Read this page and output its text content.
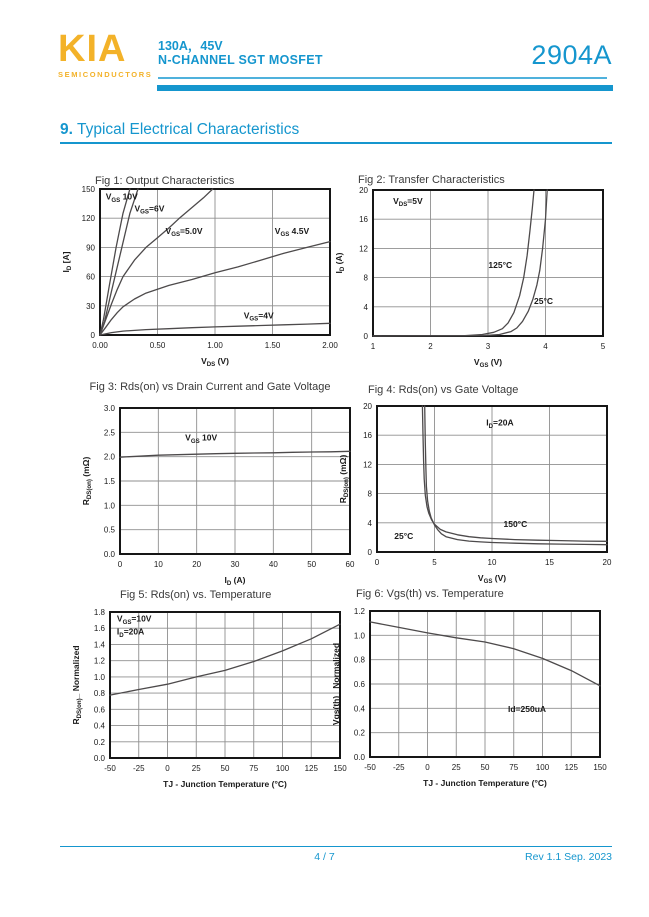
KIA
SEMICONDUCTORS
130A，45V
N-CHANNEL SGT MOSFET	2904A
9. Typical Electrical Characteristics
Fig 1: Output Characteristics
0.00	0.50	1.00	1.50	2.00
0
30
60
90
120
150
$V_{GS}$ 10V
$V_{GS}=6V$
$V_{GS}=5.0V$	$V_{GS}$ 4.5V
$V_{GS}=4V$
$V_{DS}$ (V)
$I_D$ [A]
Fig 2: Transfer Characteristics
1	2	3	4	5
0
4
8
12
16
20
$V_{DS}=5V$
125°C
25°C
$V_{GS}$ (V)
$I_D$ (A)
Fig 3: Rds(on) vs Drain Current and Gate Voltage
0	10	20	30	40	50	60
0.0
0.5
1.0
1.5
2.0
2.5
3.0
$V_{GS}$ 10V
$I_D$ (A)
$R_{DS(on)}$ (mΩ)
Fig 4: Rds(on) vs Gate Voltage
0	5	10	15	20
0
4
8
12
16
20
$I_D=20A$
150°C
25°C
$V_{GS}$ (V)
$R_{DS(on)}$ (mΩ)
Fig 5: Rds(on) vs. Temperature
-50 -25	0	25 50 75 100 125 150
0.0
0.2
0.4
0.6
0.8
1.0
1.2
1.4
1.6
1.8
$V_{GS}=10V$
$I_D=20A$
TJ - Junction Temperature (°C)
$R_{DS(on)}\_$ Normalized
Fig 6: Vgs(th) vs. Temperature
-50 -25	0	25 50 75 100 125 150
0.0
0.2
0.4
0.6
0.8
1.0
1.2
Id=250uA
TJ - Junction Temperature (°C)
Vgs(th)_ Normalized
4 / 7	Rev 1.1 Sep. 2023
